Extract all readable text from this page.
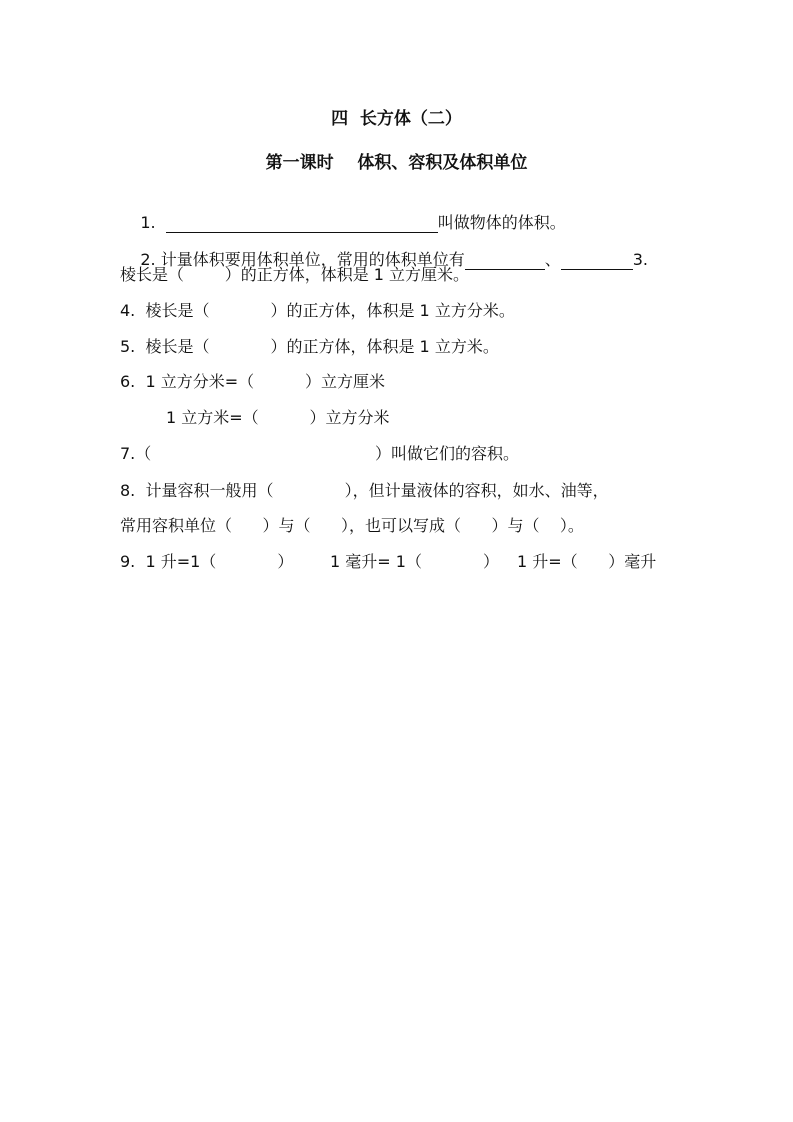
四  长方体（二）
第一课时    体积、容积及体积单位

1.	叫做物体的体积。

2. 计量体积要用体积单位，常用的体积单位有	、	3.

棱长是（        ）的正方体，体积是 1 立方厘米。
4.  棱长是（            ）的正方体，体积是 1 立方分米。
5.  棱长是（            ）的正方体，体积是 1 立方米。
6.  1 立方分米=（          ）立方厘米
1 立方米=（          ）立方分米
7.（                                            ）叫做它们的容积。
8.  计量容积一般用（              ），但计量液体的容积，如水、油等，
常用容积单位（      ）与（      ），也可以写成（      ）与（    ）。
9.  1 升=1（            ） 1 毫升= 1（            ） 1 升=（      ）毫升
